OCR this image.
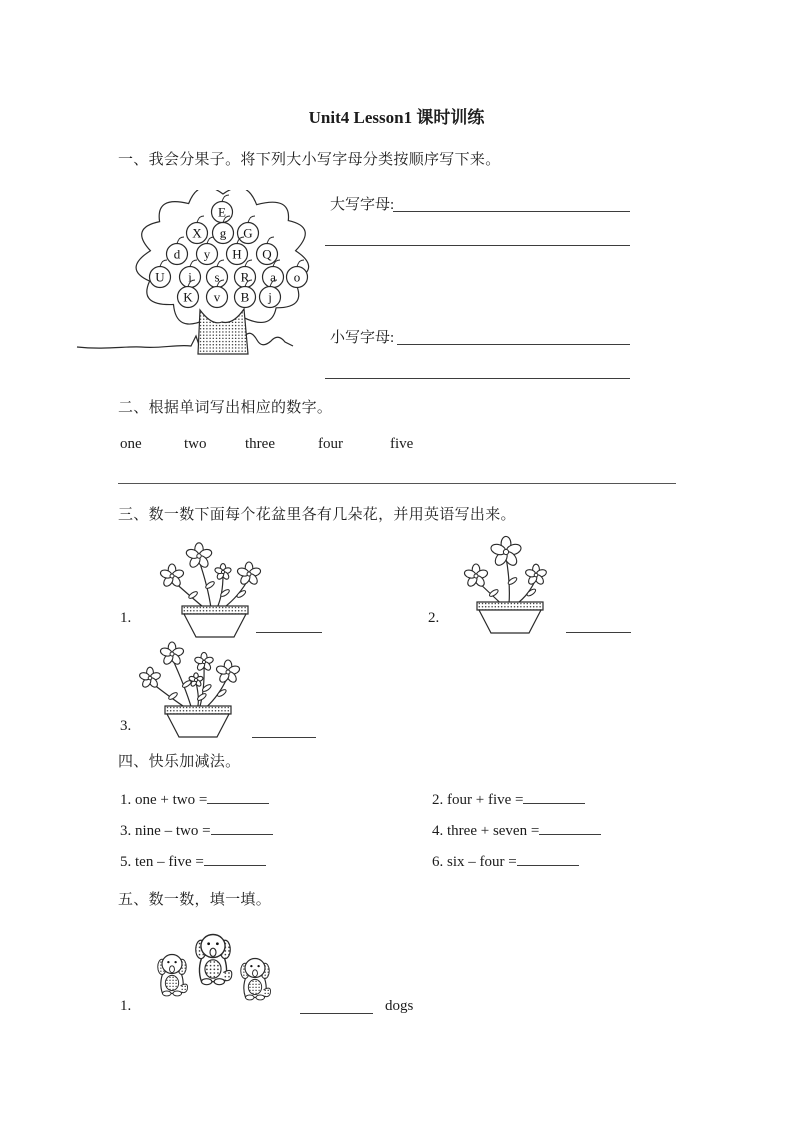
Unit4 Lesson1 课时训练
一、我会分果子。将下列大小写字母分类按顺序写下来。
E
X g G
d y H Q
U i s R a o
K v B j
大写字母:
小写字母:
二、根据单词写出相应的数字。
one	two	three	four	five
三、数一数下面每个花盆里各有几朵花，并用英语写出来。
1.	2.
3.
四、快乐加减法。
1. one + two =	2. four + five =
3. nine – two =	4. three + seven =
5. ten – five =	6. six – four =
五、数一数，填一填。
1.	dogs
